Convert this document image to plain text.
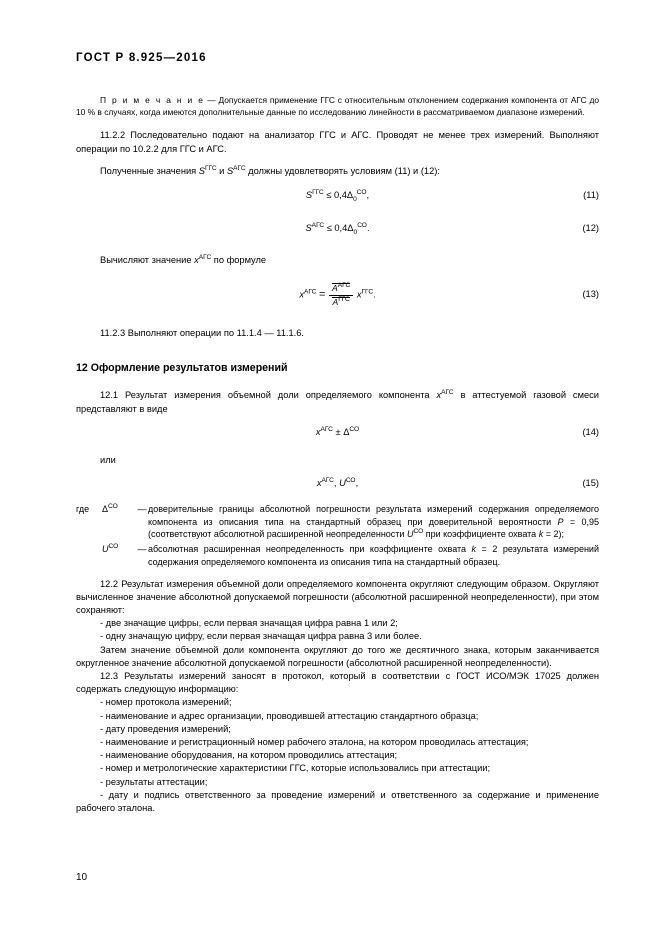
ГОСТ Р 8.925—2016

П р и м е ч а н и е — Допускается применение ГГС с относительным отклонением содержания компонента от АГС до 10 % в случаях, когда имеются дополнительные данные по исследованию линейности в рассматриваемом диапазоне измерений.

11.2.2 Последовательно подают на анализатор ГГС и АГС. Проводят не менее трех измерений. Выполняют операции по 10.2.2 для ГГС и АГС.

Полученные значения $S^{ГГС}$ и $S^{АГС}$ должны удовлетворять условиям (11) и (12):

$S^{ГГС} \le 0,4\Delta_0^{СО}$,	(11)
$S^{АГС} \le 0,4\Delta_0^{СО}$.	(12)

Вычисляют значение $x^{АГС}$ по формуле

$x^{АГС} = \frac{A^{АГС}}{A^{ГГС}} x^{ГГС}$.	(13)

11.2.3 Выполняют операции по 11.1.4 — 11.1.6.

12 Оформление результатов измерений

12.1 Результат измерения объемной доли определяемого компонента $x^{АГС}$ в аттестуемой газовой смеси представляют в виде

$x^{АГС} \pm \Delta^{СО}$	(14)

или

$x^{АГС}$, $U^{СО}$,	(15)
где	$\Delta^{СО}$	— доверительные границы абсолютной погрешности результата измерений содержания определяемого компонента из описания типа на стандартный образец при доверительной вероятности P = 0,95 (соответствуют абсолютной расширенной неопределенности $U^{СО}$ при коэффициенте охвата k = 2);
$U^{СО}$	— абсолютная расширенная неопределенность при коэффициенте охвата k = 2 результата измерений содержания определяемого компонента из описания типа на стандартный образец.

12.2 Результат измерения объемной доли определяемого компонента округляют следующим образом. Округляют вычисленное значение абсолютной допускаемой погрешности (абсолютной расширенной неопределенности), при этом сохраняют:

- две значащие цифры, если первая значащая цифра равна 1 или 2;
- одну значащую цифру, если первая значащая цифра равна 3 или более.

Затем значение объемной доли компонента округляют до того же десятичного знака, которым заканчивается округленное значение абсолютной допускаемой погрешности (абсолютной расширенной неопределенности).

12.3 Результаты измерений заносят в протокол, который в соответствии с ГОСТ ИСО/МЭК 17025 должен содержать следующую информацию:

- номер протокола измерений;
- наименование и адрес организации, проводившей аттестацию стандартного образца;
- дату проведения измерений;
- наименование и регистрационный номер рабочего эталона, на котором проводилась аттестация;
- наименование оборудования, на котором проводились аттестация;
- номер и метрологические характеристики ГГС, которые использовались при аттестации;
- результаты аттестации;
- дату и подпись ответственного за проведение измерений и ответственного за содержание и применение рабочего эталона.
10
